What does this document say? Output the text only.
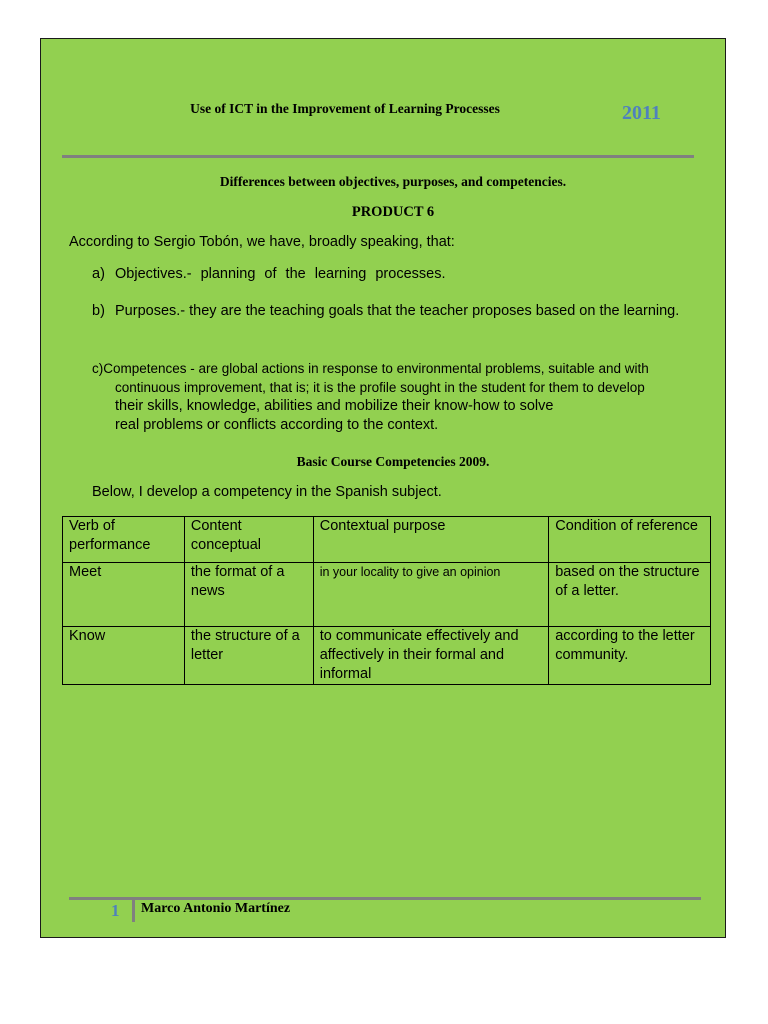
Use of ICT in the Improvement of Learning Processes	2011
Differences between objectives, purposes, and competencies.
PRODUCT 6
According to Sergio Tobón, we have, broadly speaking, that:
a) Objectives.- planning of the learning processes.
b) Purposes.- they are the teaching goals that the teacher proposes based on the learning.
c)Competences - are global actions in response to environmental problems, suitable and with
continuous improvement, that is; it is the profile sought in the student for them to develop
their skills, knowledge, abilities and mobilize their know-how to solve
real problems or conflicts according to the context.
Basic Course Competencies 2009.
Below, I develop a competency in the Spanish subject.
Verb of performance	Content conceptual	Contextual purpose	Condition of reference
Meet	the format of a news	in your locality to give an opinion	based on the structure of a letter.
Know	the structure of a letter	to communicate effectively and affectively in their formal and informal	according to the letter community.
1 Marco Antonio Martínez
